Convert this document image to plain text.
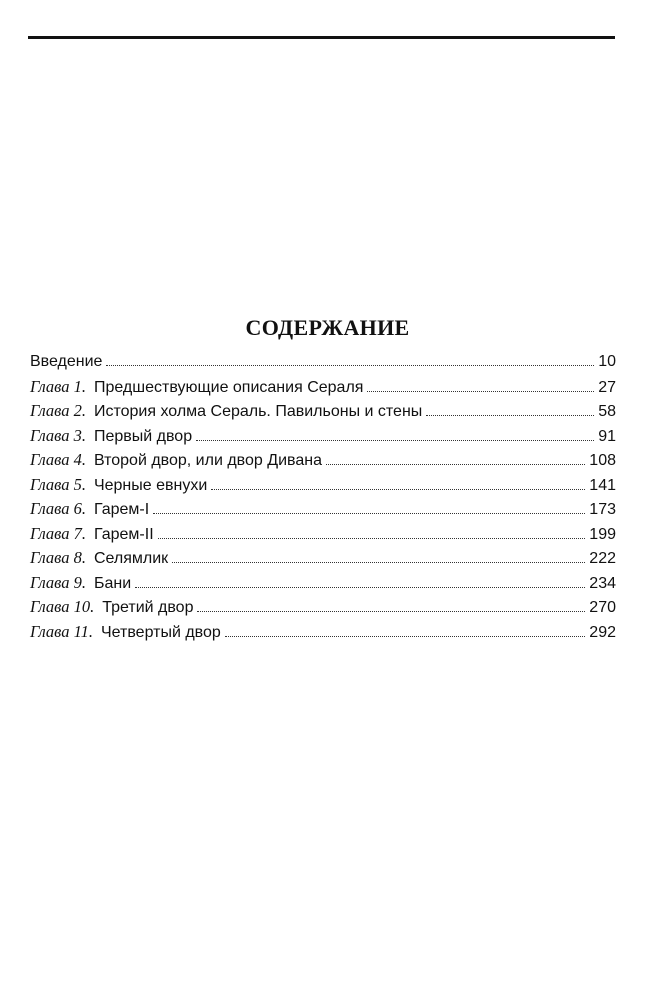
СОДЕРЖАНИЕ
Введение	10
Глава 1. Предшествующие описания Сераля	27
Глава 2. История холма Сераль. Павильоны и стены	58
Глава 3. Первый двор	91
Глава 4. Второй двор, или двор Дивана	108
Глава 5. Черные евнухи	141
Глава 6. Гарем-I	173
Глава 7. Гарем-II	199
Глава 8. Селямлик	222
Глава 9. Бани	234
Глава 10. Третий двор	270
Глава 11. Четвертый двор	292
